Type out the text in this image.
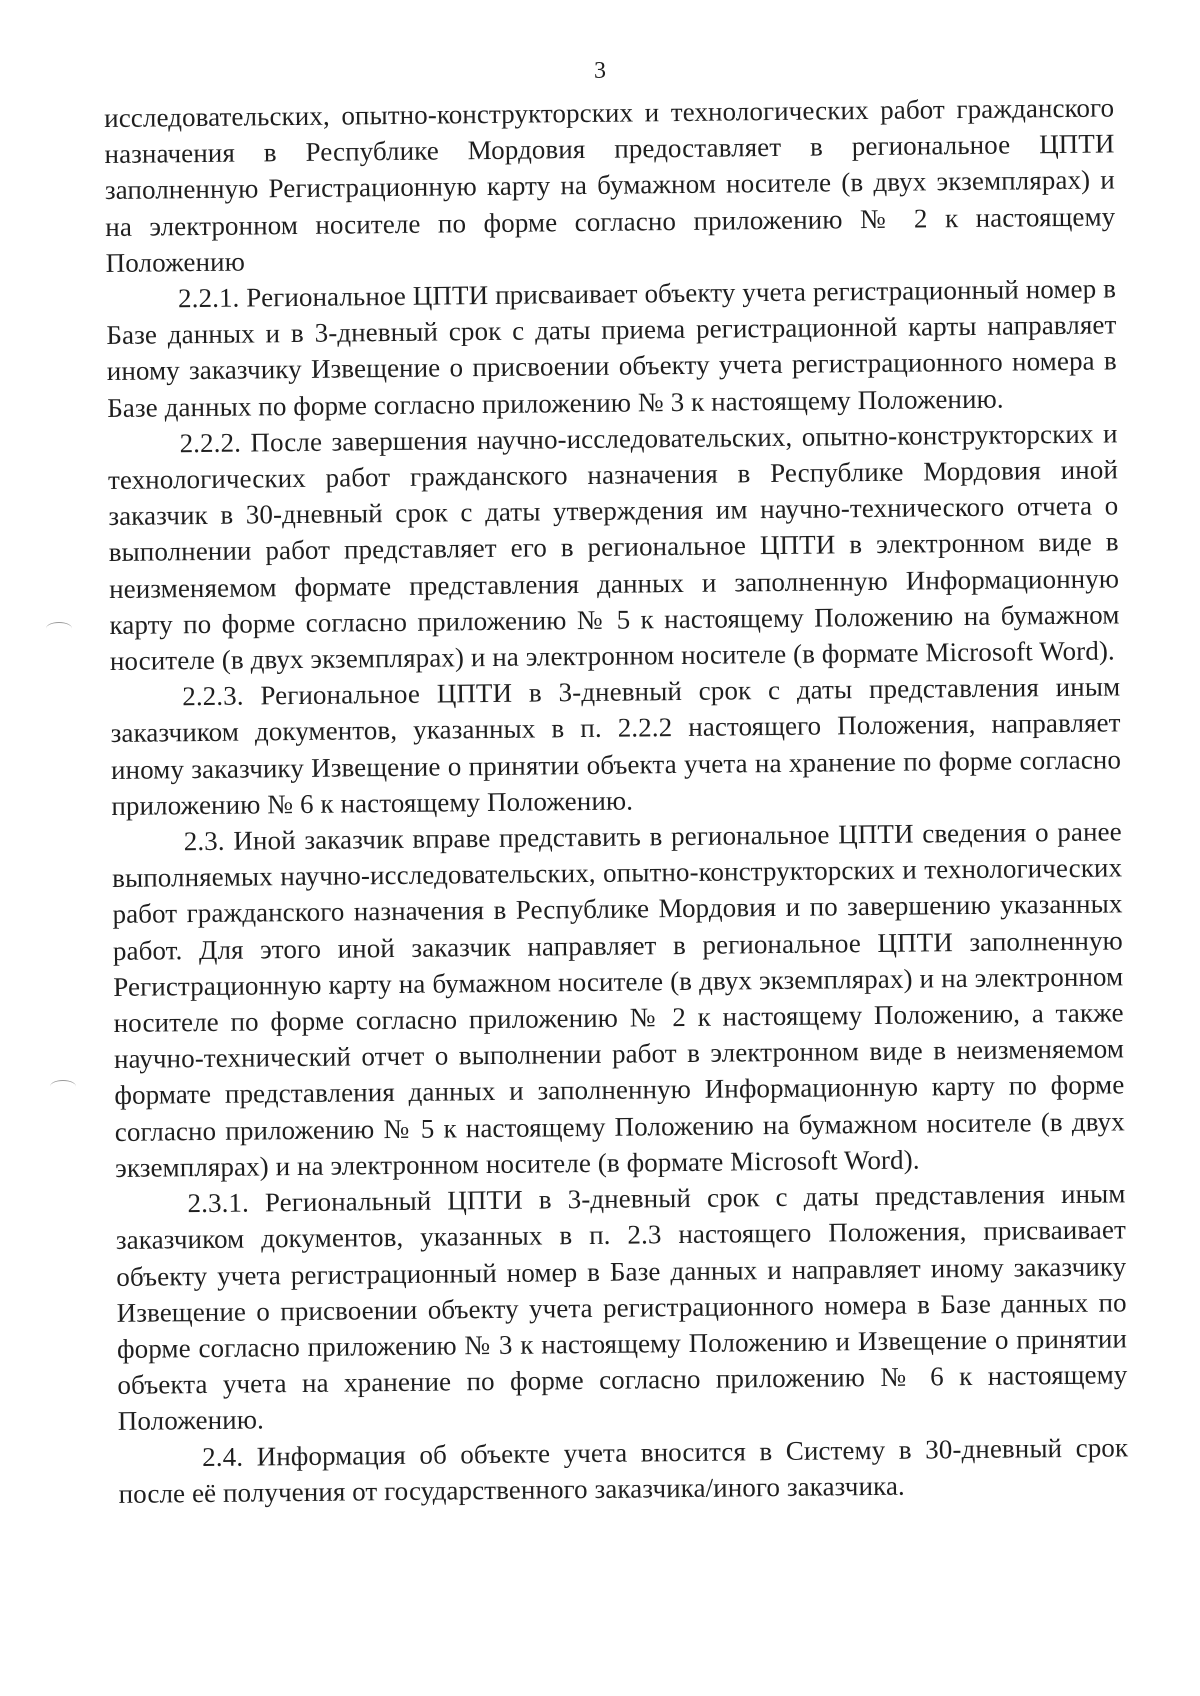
3

исследовательских, опытно-конструкторских и технологических работ гражданского назначения в Республике Мордовия предоставляет в региональное ЦПТИ заполненную Регистрационную карту на бумажном носителе (в двух экземплярах) и на электронном носителе по форме согласно приложению № 2 к настоящему Положению

2.2.1. Региональное ЦПТИ присваивает объекту учета регистрационный номер в Базе данных и в 3-дневный срок с даты приема регистрационной карты направляет иному заказчику Извещение о присвоении объекту учета регистрационного номера в Базе данных по форме согласно приложению № 3 к настоящему Положению.

2.2.2. После завершения научно-исследовательских, опытно-конструкторских и технологических работ гражданского назначения в Республике Мордовия иной заказчик в 30-дневный срок с даты утверждения им научно-технического отчета о выполнении работ представляет его в региональное ЦПТИ в электронном виде в неизменяемом формате представления данных и заполненную Информационную карту по форме согласно приложению № 5 к настоящему Положению на бумажном носителе (в двух экземплярах) и на электронном носителе (в формате Microsoft Word).

2.2.3. Региональное ЦПТИ в 3-дневный срок с даты представления иным заказчиком документов, указанных в п. 2.2.2 настоящего Положения, направляет иному заказчику Извещение о принятии объекта учета на хранение по форме согласно приложению № 6 к настоящему Положению.

2.3. Иной заказчик вправе представить в региональное ЦПТИ сведения о ранее выполняемых научно-исследовательских, опытно-конструкторских и технологических работ гражданского назначения в Республике Мордовия и по завершению указанных работ. Для этого иной заказчик направляет в региональное ЦПТИ заполненную Регистрационную карту на бумажном носителе (в двух экземплярах) и на электронном носителе по форме согласно приложению № 2 к настоящему Положению, а также научно-технический отчет о выполнении работ в электронном виде в неизменяемом формате представления данных и заполненную Информационную карту по форме согласно приложению № 5 к настоящему Положению на бумажном носителе (в двух экземплярах) и на электронном носителе (в формате Microsoft Word).

2.3.1. Региональный ЦПТИ в 3-дневный срок с даты представления иным заказчиком документов, указанных в п. 2.3 настоящего Положения, присваивает объекту учета регистрационный номер в Базе данных и направляет иному заказчику Извещение о присвоении объекту учета регистрационного номера в Базе данных по форме согласно приложению № 3 к настоящему Положению и Извещение о принятии объекта учета на хранение по форме согласно приложению № 6 к настоящему Положению.

2.4. Информация об объекте учета вносится в Систему в 30-дневный срок после её получения от государственного заказчика/иного заказчика.
